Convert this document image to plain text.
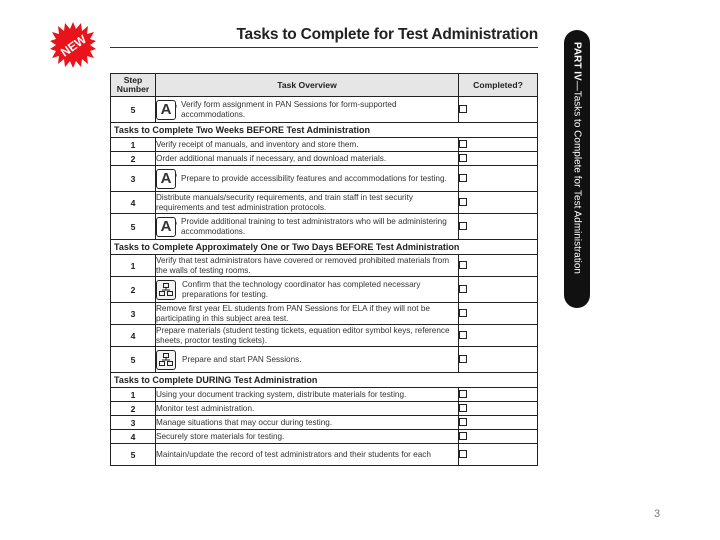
NEW	Tasks to Complete for Test Administration
PART IV—Tasks to Complete for Test Administration
Step Number	Task Overview	Completed?
5	A ))) Verify form assignment in PAN Sessions for form-supported accommodations.

Tasks to Complete Two Weeks BEFORE Test Administration		
1	Verify receipt of manuals, and inventory and store them.	

2	Order additional manuals if necessary, and download materials.	

3	A ))) Prepare to provide accessibility features and accommodations for testing.

4	Distribute manuals/security requirements, and train staff in test security requirements and test administration protocols.	

5	A ))) Provide additional training to test administrators who will be administering accommodations.

Tasks to Complete Approximately One or Two Days BEFORE Test Administration		
1	Verify that test administrators have covered or removed prohibited materials from the walls of testing rooms.	

2	Confirm that the technology coordinator has completed necessary preparations for testing.	

3	Remove first year EL students from PAN Sessions for ELA if they will not be participating in this subject area test.	

4	Prepare materials (student testing tickets, equation editor symbol keys, reference sheets, proctor testing tickets).	

5	Prepare and start PAN Sessions.	

Tasks to Complete DURING Test Administration		
1	Using your document tracking system, distribute materials for testing.	

2	Monitor test administration.	

3	Manage situations that may occur during testing.	

4	Securely store materials for testing.	

5	Maintain/update the record of test administrators and their students for each	

3
